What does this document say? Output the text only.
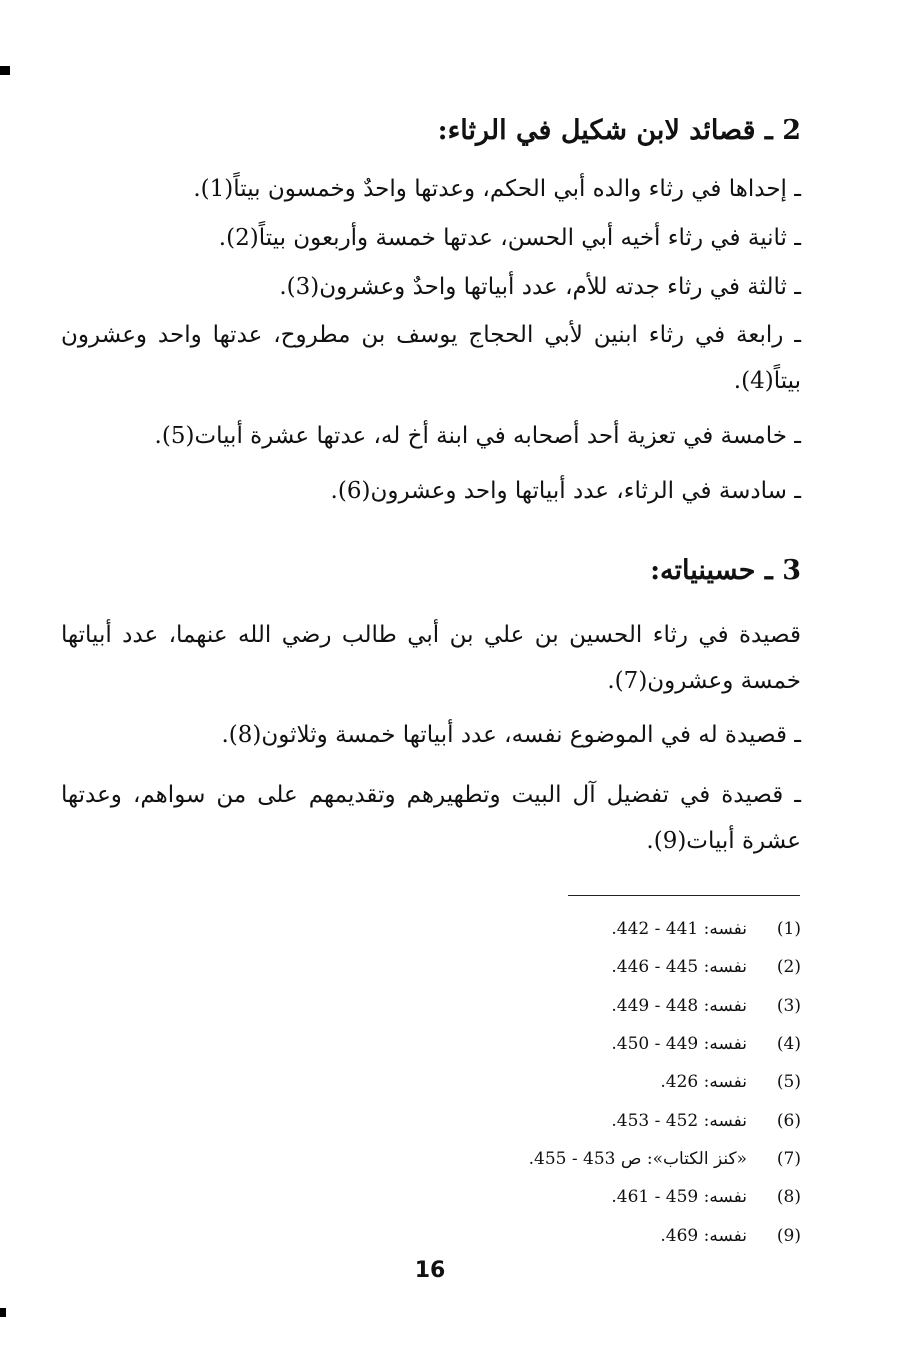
2 ـ قصائد لابن شكيل في الرثاء:
ـ إحداها في رثاء والده أبي الحكم، وعدتها واحدٌ وخمسون بيتاً(1).
ـ ثانية في رثاء أخيه أبي الحسن، عدتها خمسة وأربعون بيتاً(2).
ـ ثالثة في رثاء جدته للأم، عدد أبياتها واحدٌ وعشرون(3).
ـ رابعة في رثاء ابنين لأبي الحجاج يوسف بن مطروح، عدتها واحد وعشرون بيتاً(4).
ـ خامسة في تعزية أحد أصحابه في ابنة أخ له، عدتها عشرة أبيات(5).
ـ سادسة في الرثاء، عدد أبياتها واحد وعشرون(6).
3 ـ حسينياته:
قصيدة في رثاء الحسين بن علي بن أبي طالب رضي الله عنهما، عدد أبياتها خمسة وعشرون(7).
ـ قصيدة له في الموضوع نفسه، عدد أبياتها خمسة وثلاثون(8).
ـ قصيدة في تفضيل آل البيت وتطهيرهم وتقديمهم على من سواهم، وعدتها عشرة أبيات(9).
(1)
نفسه: 441 - 442.
(2)
نفسه: 445 - 446.
(3)
نفسه: 448 - 449.
(4)
نفسه: 449 - 450.
(5)
نفسه: 426.
(6)
نفسه: 452 - 453.
(7)
«كنز الكتاب»: ص 453 - 455.
(8)
نفسه: 459 - 461.
(9)
نفسه: 469.
16
